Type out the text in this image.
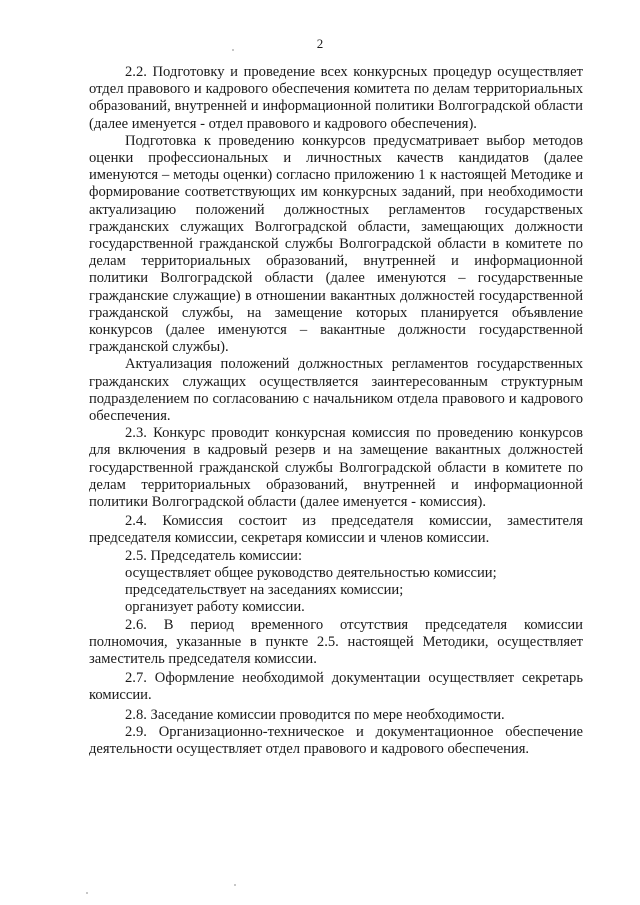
2

2.2. Подготовку и проведение всех конкурсных процедур осуществляет отдел правового и кадрового обеспечения комитета по делам территориальных образований, внутренней и информационной политики Волгоградской области (далее именуется - отдел правового и кадрового обеспечения).

Подготовка к проведению конкурсов предусматривает выбор методов оценки профессиональных и личностных качеств кандидатов (далее именуются – методы оценки) согласно приложению 1 к настоящей Методике и формирование соответствующих им конкурсных заданий, при необходимости актуализацию положений должностных регламентов государственых гражданских служащих Волгоградской области, замещающих должности государственной гражданской службы Волгоградской области в комитете по делам территориальных образований, внутренней и информационной политики Волгоградской области (далее именуются – государственные гражданские служащие) в отношении вакантных должностей государственной гражданской службы, на замещение которых планируется объявление конкурсов (далее именуются – вакантные должности государственной гражданской службы).

Актуализация положений должностных регламентов государственных гражданских служащих осуществляется заинтересованным структурным подразделением по согласованию с начальником отдела правового и кадрового обеспечения.

2.3. Конкурс проводит конкурсная комиссия по проведению конкурсов для включения в кадровый резерв и на замещение вакантных должностей государственной гражданской службы Волгоградской области в комитете по делам территориальных образований, внутренней и информационной политики Волгоградской области (далее именуется - комиссия).

2.4. Комиссия состоит из председателя комиссии, заместителя председателя комиссии, секретаря комиссии и членов комиссии.

2.5. Председатель комиссии:

осуществляет общее руководство деятельностью комиссии;

председательствует на заседаниях комиссии;

организует работу комиссии.

2.6. В период временного отсутствия председателя комиссии полномочия, указанные в пункте 2.5. настоящей Методики, осуществляет заместитель председателя комиссии.

2.7. Оформление необходимой документации осуществляет секретарь комиссии.

2.8. Заседание комиссии проводится по мере необходимости.

2.9. Организационно-техническое и документационное обеспечение деятельности осуществляет отдел правового и кадрового обеспечения.
